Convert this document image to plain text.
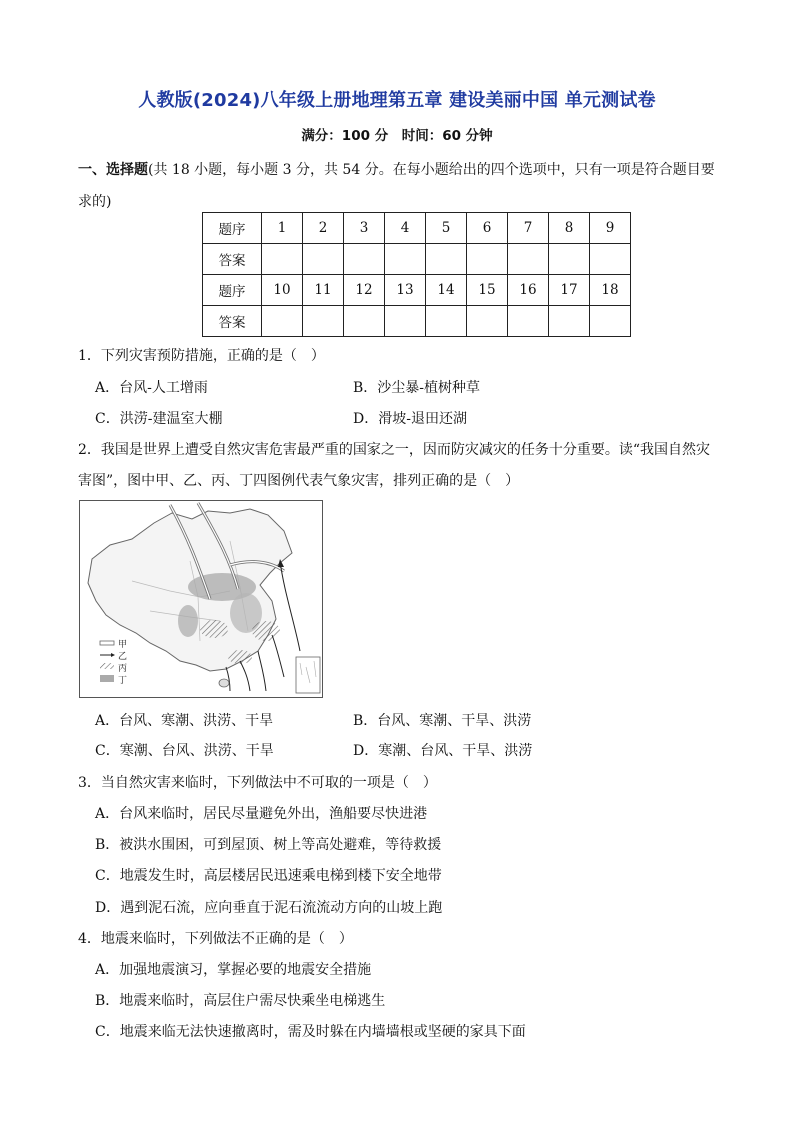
人教版(2024)八年级上册地理第五章 建设美丽中国 单元测试卷
满分：100 分　时间：60 分钟
一、选择题(共 18 小题，每小题 3 分，共 54 分。在每小题给出的四个选项中，只有一项是符合题目要求的)
题序	1	2	3	4	5	6	7	8	9
答案									
题序	10	11	12	13	14	15	16	17	18
答案									
1．下列灾害预防措施，正确的是（　）
A．台风-人工增雨	B．沙尘暴-植树种草
C．洪涝-建温室大棚	D．滑坡-退田还湖
2．我国是世界上遭受自然灾害危害最严重的国家之一，因而防灾减灾的任务十分重要。读“我国自然灾害图”，图中甲、乙、丙、丁四图例代表气象灾害，排列正确的是（　）
甲
乙
丙
丁
A．台风、寒潮、洪涝、干旱	B．台风、寒潮、干旱、洪涝
C．寒潮、台风、洪涝、干旱	D．寒潮、台风、干旱、洪涝
3．当自然灾害来临时，下列做法中不可取的一项是（　）
A．台风来临时，居民尽量避免外出，渔船要尽快进港
B．被洪水围困，可到屋顶、树上等高处避难，等待救援
C．地震发生时，高层楼居民迅速乘电梯到楼下安全地带
D．遇到泥石流，应向垂直于泥石流流动方向的山坡上跑
4．地震来临时，下列做法不正确的是（　）
A．加强地震演习，掌握必要的地震安全措施
B．地震来临时，高层住户需尽快乘坐电梯逃生
C．地震来临无法快速撤离时，需及时躲在内墙墙根或坚硬的家具下面
